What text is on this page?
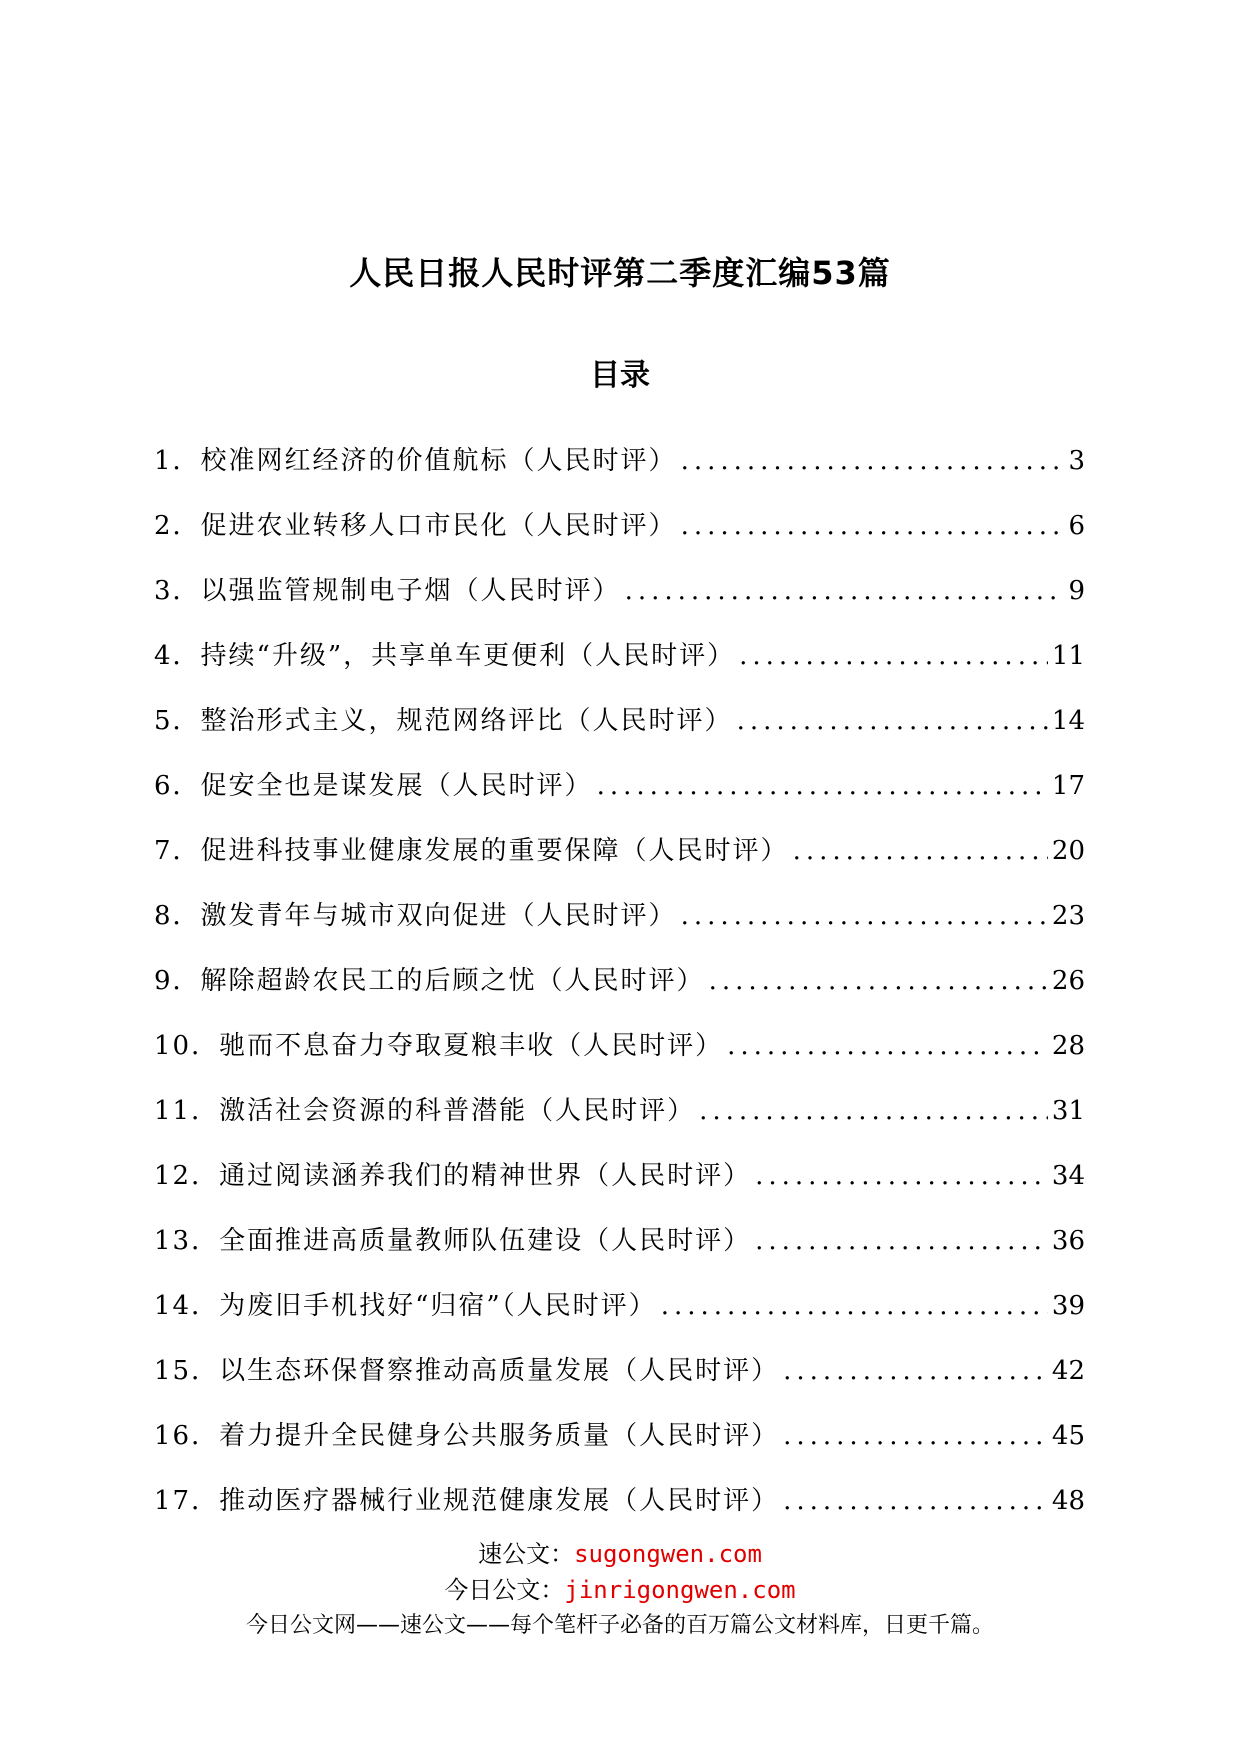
人民日报人民时评第二季度汇编53篇
目录
1． 校准网红经济的价值航标（人民时评） .....	3
2． 促进农业转移人口市民化（人民时评） .....	6
3． 以强监管规制电子烟（人民时评） .....	9
4． 持续“升级”，共享单车更便利（人民时评） .....	11
5． 整治形式主义，规范网络评比（人民时评） .....	14
6． 促安全也是谋发展（人民时评） .....	17
7． 促进科技事业健康发展的重要保障（人民时评） .....	20
8． 激发青年与城市双向促进（人民时评） .....	23
9． 解除超龄农民工的后顾之忧（人民时评） .....	26
10． 驰而不息奋力夺取夏粮丰收（人民时评） .....	28
11． 激活社会资源的科普潜能（人民时评） .....	31
12． 通过阅读涵养我们的精神世界（人民时评） .....	34
13． 全面推进高质量教师队伍建设（人民时评） .....	36
14． 为废旧手机找好“归宿”（人民时评） .....	39
15． 以生态环保督察推动高质量发展（人民时评） .....	42
16． 着力提升全民健身公共服务质量（人民时评） .....	45
17． 推动医疗器械行业规范健康发展（人民时评） .....	48
速公文：sugongwen.com
今日公文：jinrigongwen.com
今日公文网——速公文——每个笔杆子必备的百万篇公文材料库，日更千篇。
